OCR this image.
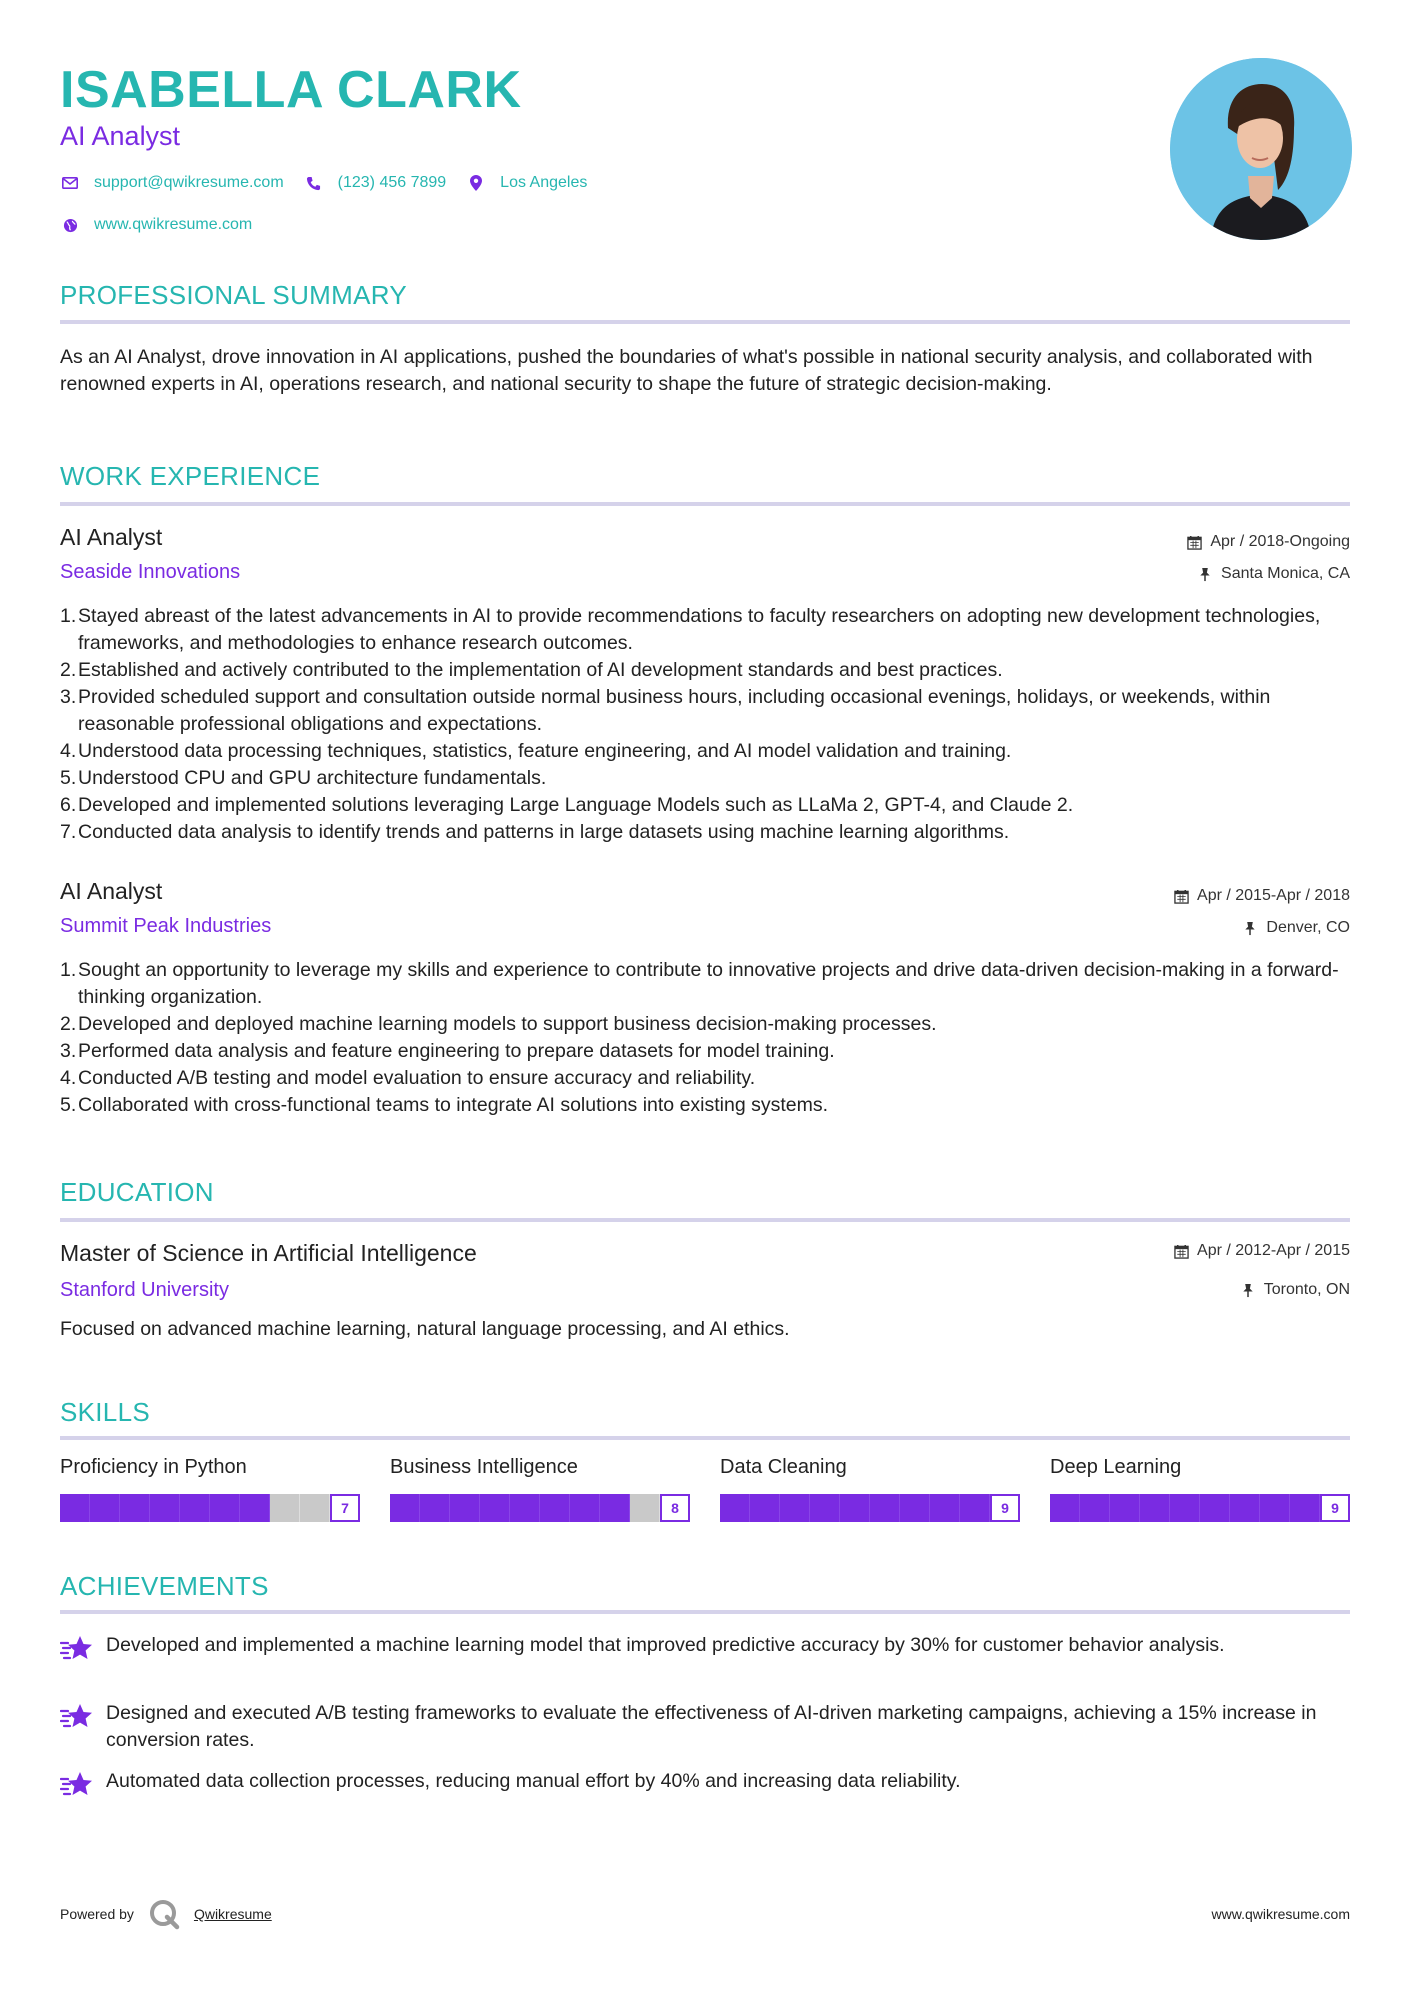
ISABELLA CLARK
AI Analyst
support@qwikresume.com	(123) 456 7899	Los Angeles
www.qwikresume.com
PROFESSIONAL SUMMARY
As an AI Analyst, drove innovation in AI applications, pushed the boundaries of what's possible in national security analysis, and collaborated with renowned experts in AI, operations research, and national security to shape the future of strategic decision-making.
WORK EXPERIENCE
AI Analyst	Apr / 2018-Ongoing
Seaside Innovations	Santa Monica, CA
1. Stayed abreast of the latest advancements in AI to provide recommendations to faculty researchers on adopting new development technologies, frameworks, and methodologies to enhance research outcomes.
2. Established and actively contributed to the implementation of AI development standards and best practices.
3. Provided scheduled support and consultation outside normal business hours, including occasional evenings, holidays, or weekends, within reasonable professional obligations and expectations.
4. Understood data processing techniques, statistics, feature engineering, and AI model validation and training.
5. Understood CPU and GPU architecture fundamentals.
6. Developed and implemented solutions leveraging Large Language Models such as LLaMa 2, GPT-4, and Claude 2.
7. Conducted data analysis to identify trends and patterns in large datasets using machine learning algorithms.
AI Analyst	Apr / 2015-Apr / 2018
Summit Peak Industries	Denver, CO
1. Sought an opportunity to leverage my skills and experience to contribute to innovative projects and drive data-driven decision-making in a forward-thinking organization.
2. Developed and deployed machine learning models to support business decision-making processes.
3. Performed data analysis and feature engineering to prepare datasets for model training.
4. Conducted A/B testing and model evaluation to ensure accuracy and reliability.
5. Collaborated with cross-functional teams to integrate AI solutions into existing systems.
EDUCATION
Master of Science in Artificial Intelligence	Apr / 2012-Apr / 2015
Stanford University	Toronto, ON
Focused on advanced machine learning, natural language processing, and AI ethics.
SKILLS
Proficiency in Python
7
Business Intelligence
8
Data Cleaning
9
Deep Learning
9
ACHIEVEMENTS
Developed and implemented a machine learning model that improved predictive accuracy by 30% for customer behavior analysis.
Designed and executed A/B testing frameworks to evaluate the effectiveness of AI-driven marketing campaigns, achieving a 15% increase in conversion rates.
Automated data collection processes, reducing manual effort by 40% and increasing data reliability.
Powered by	Qwikresume	www.qwikresume.com
